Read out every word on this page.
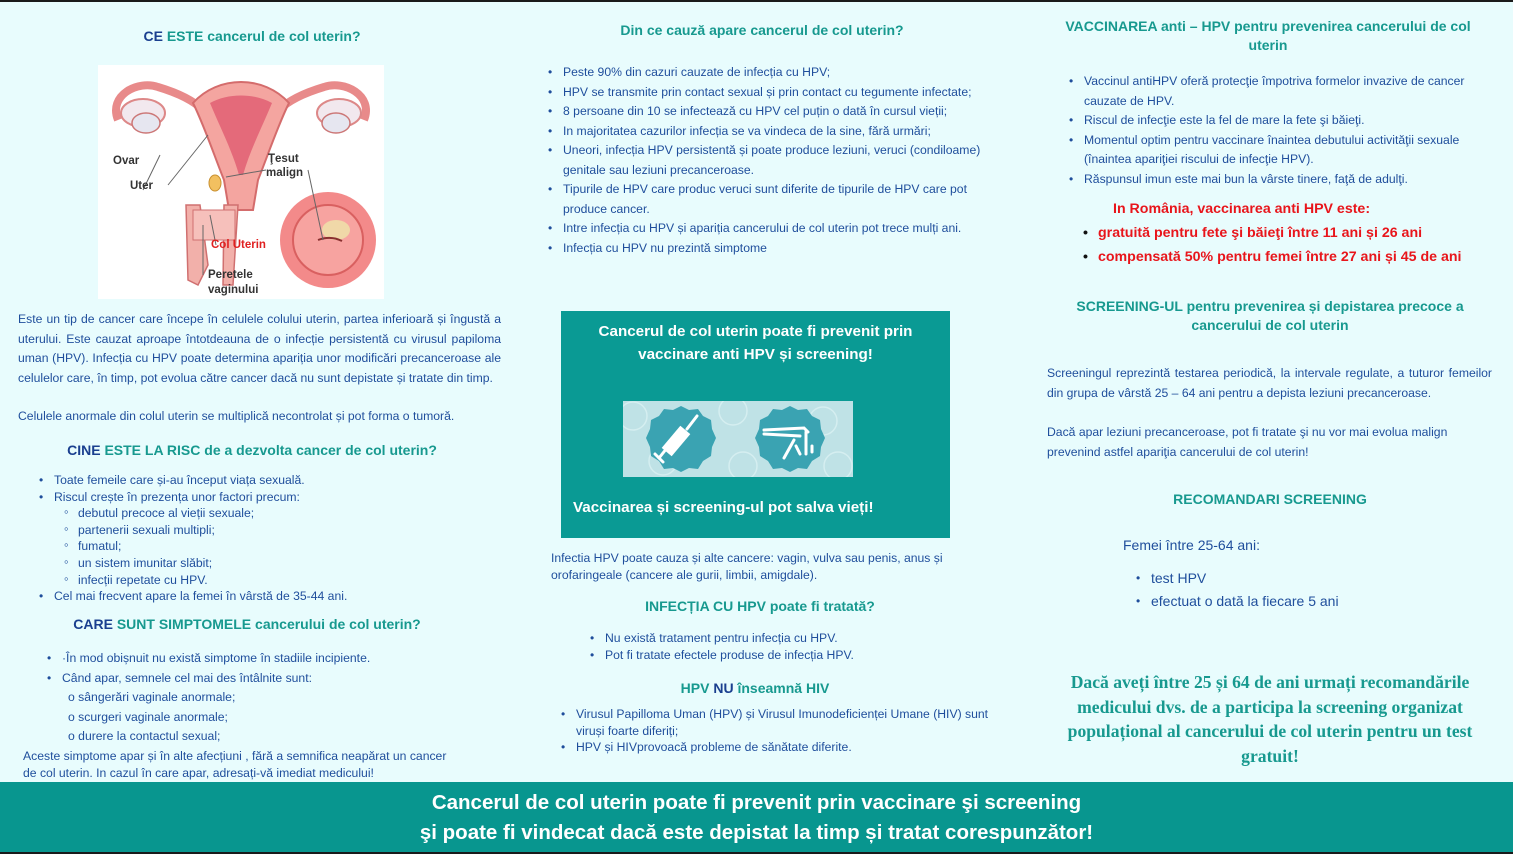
CE ESTE cancerul de col uterin?
Ovar
Uter
Ţesut
malign
Col Uterin
Peretele
vaginului
Este un tip de cancer care începe în celulele colului uterin, partea inferioară și îngustă a uterului. Este cauzat aproape întotdeauna de o infecție persistentă cu virusul papiloma uman (HPV). Infecția cu HPV poate determina apariția unor modificări precanceroase ale celulelor care, în timp, pot evolua către cancer dacă nu sunt depistate și tratate din timp.
Celulele anormale din colul uterin se multiplică necontrolat și pot forma o tumoră.
CINE ESTE LA RISC de a dezvolta cancer de col uterin?
• Toate femeile care și-au început viața sexuală.
• Riscul crește în prezența unor factori precum:
◦ debutul precoce al vieții sexuale;
◦ partenerii sexuali multipli;
◦ fumatul;
◦ un sistem imunitar slăbit;
◦ infecții repetate cu HPV.
• Cel mai frecvent apare la femei în vârstă de 35-44 ani.
CARE SUNT SIMPTOMELE cancerului de col uterin?
• ·În mod obișnuit nu există simptome în stadiile incipiente.
• Când apar, semnele cel mai des întâlnite sunt:
o sângerări vaginale anormale;
o scurgeri vaginale anormale;
o durere la contactul sexual;
Aceste simptome apar și în alte afecțiuni , fără a semnifica neapărat un cancer de col uterin. In cazul în care apar, adresați-vă imediat medicului!
Din ce cauză apare cancerul de col uterin?
• Peste 90% din cazuri cauzate de infecția cu HPV;
• HPV se transmite prin contact sexual și prin contact cu tegumente infectate;
• 8 persoane din 10 se infectează cu HPV cel puțin o dată în cursul vieții;
• In majoritatea cazurilor infecția se va vindeca de la sine, fără urmări;
• Uneori, infecția HPV persistentă și poate produce leziuni, veruci (condiloame) genitale sau leziuni precanceroase.
• Tipurile de HPV care produc veruci sunt diferite de tipurile de HPV care pot produce cancer.
• Intre infecția cu HPV și apariția cancerului de col uterin pot trece mulți ani.
• Infecția cu HPV nu prezintă simptome
Cancerul de col uterin poate fi prevenit prin vaccinare anti HPV și screening!
Vaccinarea și screening-ul pot salva vieți!
Infectia HPV poate cauza și alte cancere: vagin, vulva sau penis, anus și orofaringeale (cancere ale gurii, limbii, amigdale).
INFECȚIA CU HPV poate fi tratată?
• Nu există tratament pentru infecția cu HPV.
• Pot fi tratate efectele produse de infecția HPV.
HPV NU înseamnă HIV
• Virusul Papilloma Uman (HPV) și Virusul Imunodeficienței Umane (HIV) sunt viruși foarte diferiți;
• HPV și HIVprovoacă probleme de sănătate diferite.
VACCINAREA anti – HPV pentru prevenirea cancerului de col uterin
• Vaccinul antiHPV oferă protecţie împotriva formelor invazive de cancer cauzate de HPV.
• Riscul de infecţie este la fel de mare la fete şi băieţi.
• Momentul optim pentru vaccinare înaintea debutului activităţii sexuale (înaintea apariţiei riscului de infecţie HPV).
• Răspunsul imun este mai bun la vârste tinere, faţă de adulţi.
In România, vaccinarea anti HPV este:
• gratuită pentru fete şi băieţi între 11 ani și 26 ani
• compensată 50% pentru femei între 27 ani și 45 de ani
SCREENING-UL pentru prevenirea și depistarea precoce a cancerului de col uterin
Screeningul reprezintă testarea periodică, la intervale regulate, a tuturor femeilor din grupa de vârstă 25 – 64 ani pentru a depista leziuni precanceroase.
Dacă apar leziuni precanceroase, pot fi tratate şi nu vor mai evolua malign prevenind astfel apariţia cancerului de col uterin!
RECOMANDARI SCREENING
Femei între 25-64 ani:
• test HPV
• efectuat o dată la fiecare 5 ani
Dacă aveți între 25 și 64 de ani urmați recomandările medicului dvs. de a participa la screening organizat populațional al cancerului de col uterin pentru un test gratuit!
Cancerul de col uterin poate fi prevenit prin vaccinare şi screening
şi poate fi vindecat dacă este depistat la timp și tratat corespunzător!
